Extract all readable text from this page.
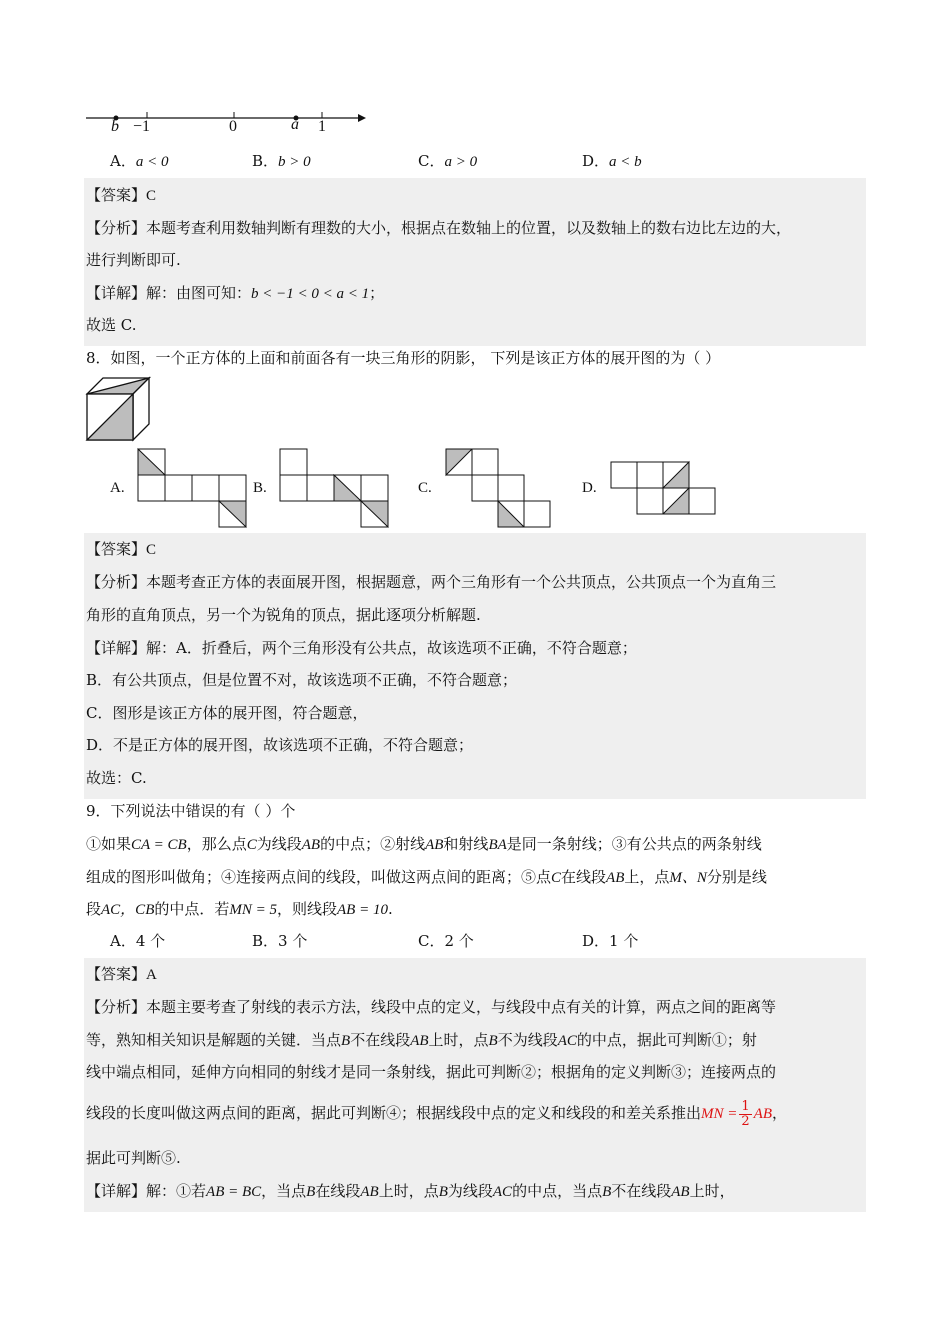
b −1	0	a 1
A．a < 0	B．b > 0	C．a > 0	D．a < b
【答案】C
【分析】本题考查利用数轴判断有理数的大小，根据点在数轴上的位置，以及数轴上的数右边比左边的大，
进行判断即可.
【详解】解：由图可知：b < −1 < 0 < a < 1；
故选 C.
8．如图，一个正方体的上面和前面各有一块三角形的阴影， 下列是该正方体的展开图的为（ ）
A.	B.	C.	D.
【答案】C
【分析】本题考查正方体的表面展开图，根据题意，两个三角形有一个公共顶点，公共顶点一个为直角三
角形的直角顶点，另一个为锐角的顶点，据此逐项分析解题.
【详解】解：A．折叠后，两个三角形没有公共点，故该选项不正确，不符合题意；
B．有公共顶点，但是位置不对，故该选项不正确，不符合题意；
C．图形是该正方体的展开图，符合题意，
D．不是正方体的展开图，故该选项不正确，不符合题意；
故选：C.
9．下列说法中错误的有（ ）个
①如果CA = CB，那么点C为线段AB的中点；②射线AB和射线BA是同一条射线；③有公共点的两条射线
组成的图形叫做角；④连接两点间的线段，叫做这两点间的距离；⑤点C在线段AB上，点M、N分别是线
段AC，CB的中点．若MN = 5，则线段AB = 10.
A．4 个	B．3 个	C．2 个	D．1 个
【答案】A
【分析】本题主要考查了射线的表示方法，线段中点的定义，与线段中点有关的计算，两点之间的距离等
等，熟知相关知识是解题的关键．当点B不在线段AB上时，点B不为线段AC的中点，据此可判断①；射
线中端点相同，延伸方向相同的射线才是同一条射线，据此可判断②；根据角的定义判断③；连接两点的
线段的长度叫做这两点间的距离，据此可判断④；根据线段中点的定义和线段的和差关系推出MN = $\frac{1}{2}$ AB，
据此可判断⑤.
【详解】解：①若AB = BC，当点B在线段AB上时，点B为线段AC的中点，当点B不在线段AB上时，
